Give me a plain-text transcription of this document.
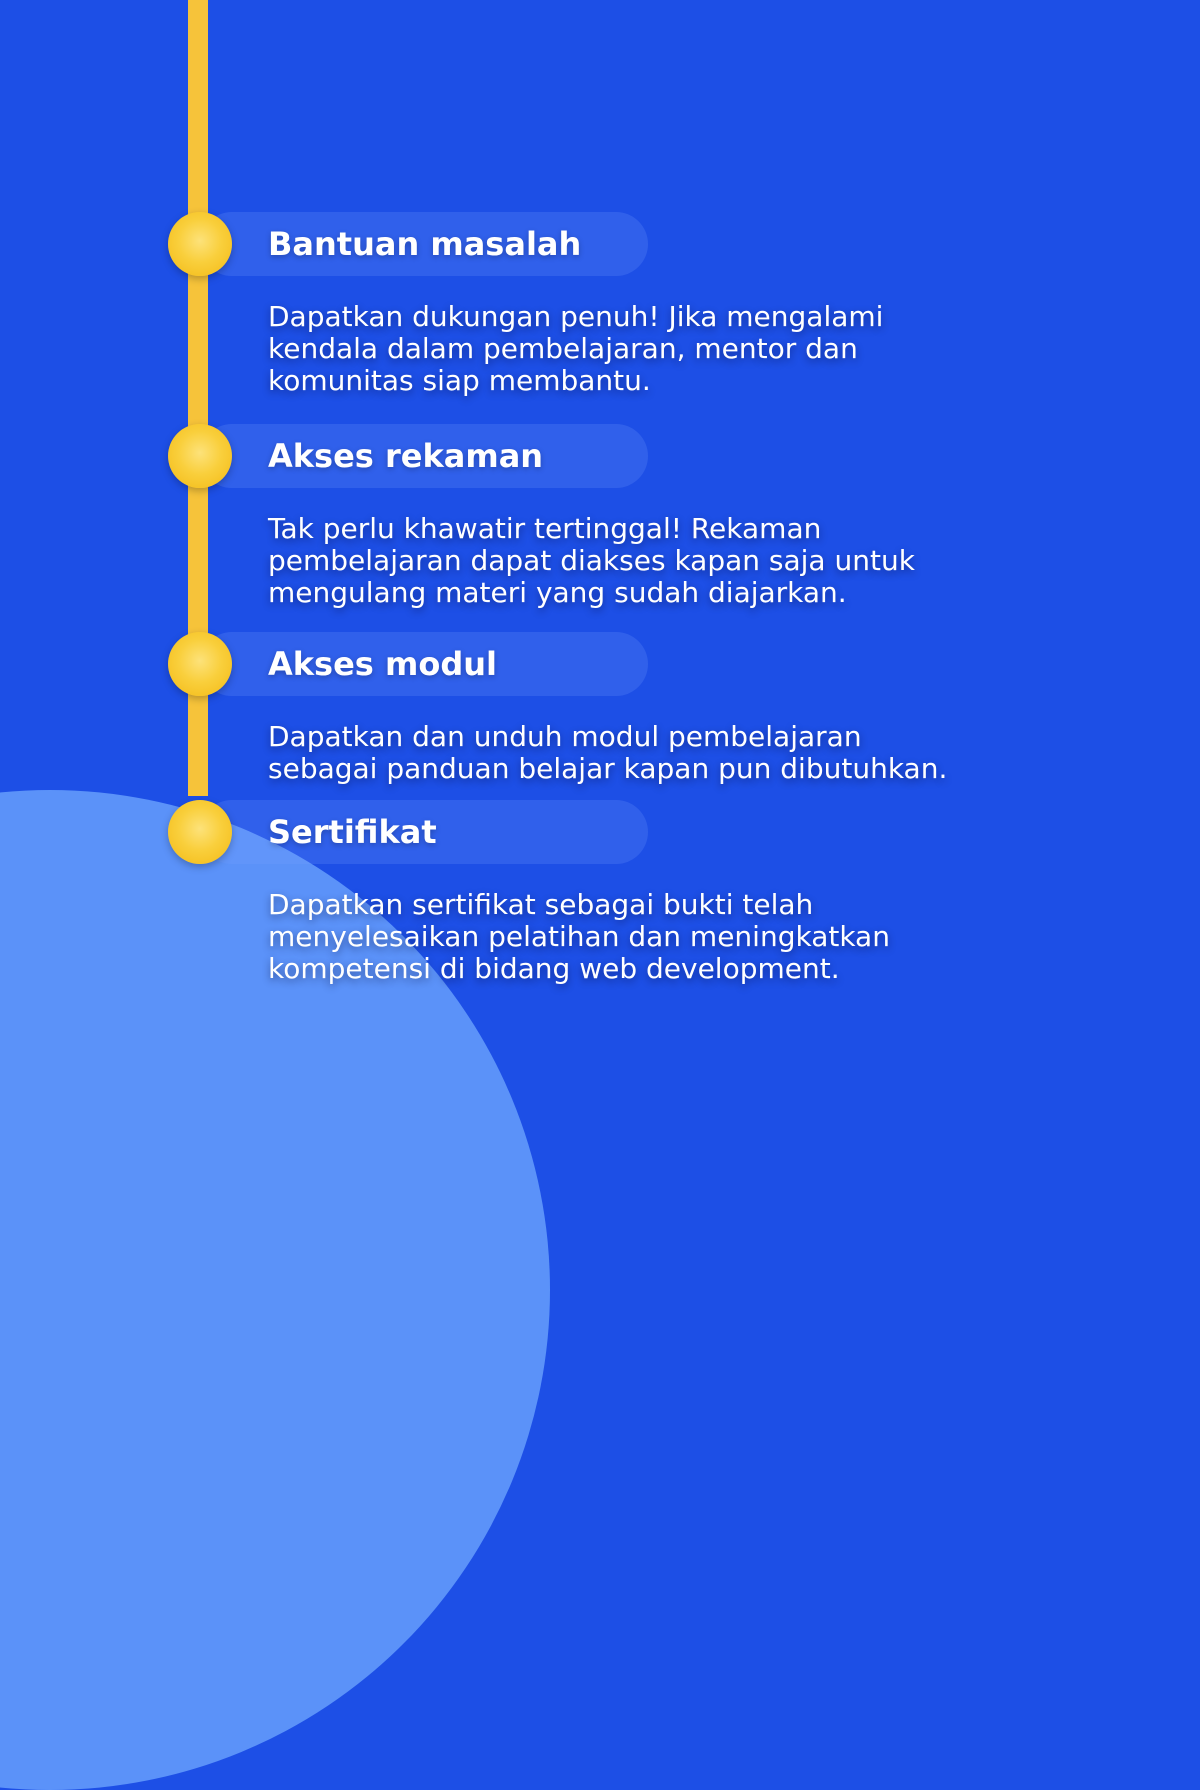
Bantuan masalah

Dapatkan dukungan penuh! Jika mengalami
kendala dalam pembelajaran, mentor dan
komunitas siap membantu.

Akses rekaman

Tak perlu khawatir tertinggal! Rekaman
pembelajaran dapat diakses kapan saja untuk
mengulang materi yang sudah diajarkan.

Akses modul

Dapatkan dan unduh modul pembelajaran
sebagai panduan belajar kapan pun dibutuhkan.

Sertifikat

Dapatkan sertifikat sebagai bukti telah
menyelesaikan pelatihan dan meningkatkan
kompetensi di bidang web development.
